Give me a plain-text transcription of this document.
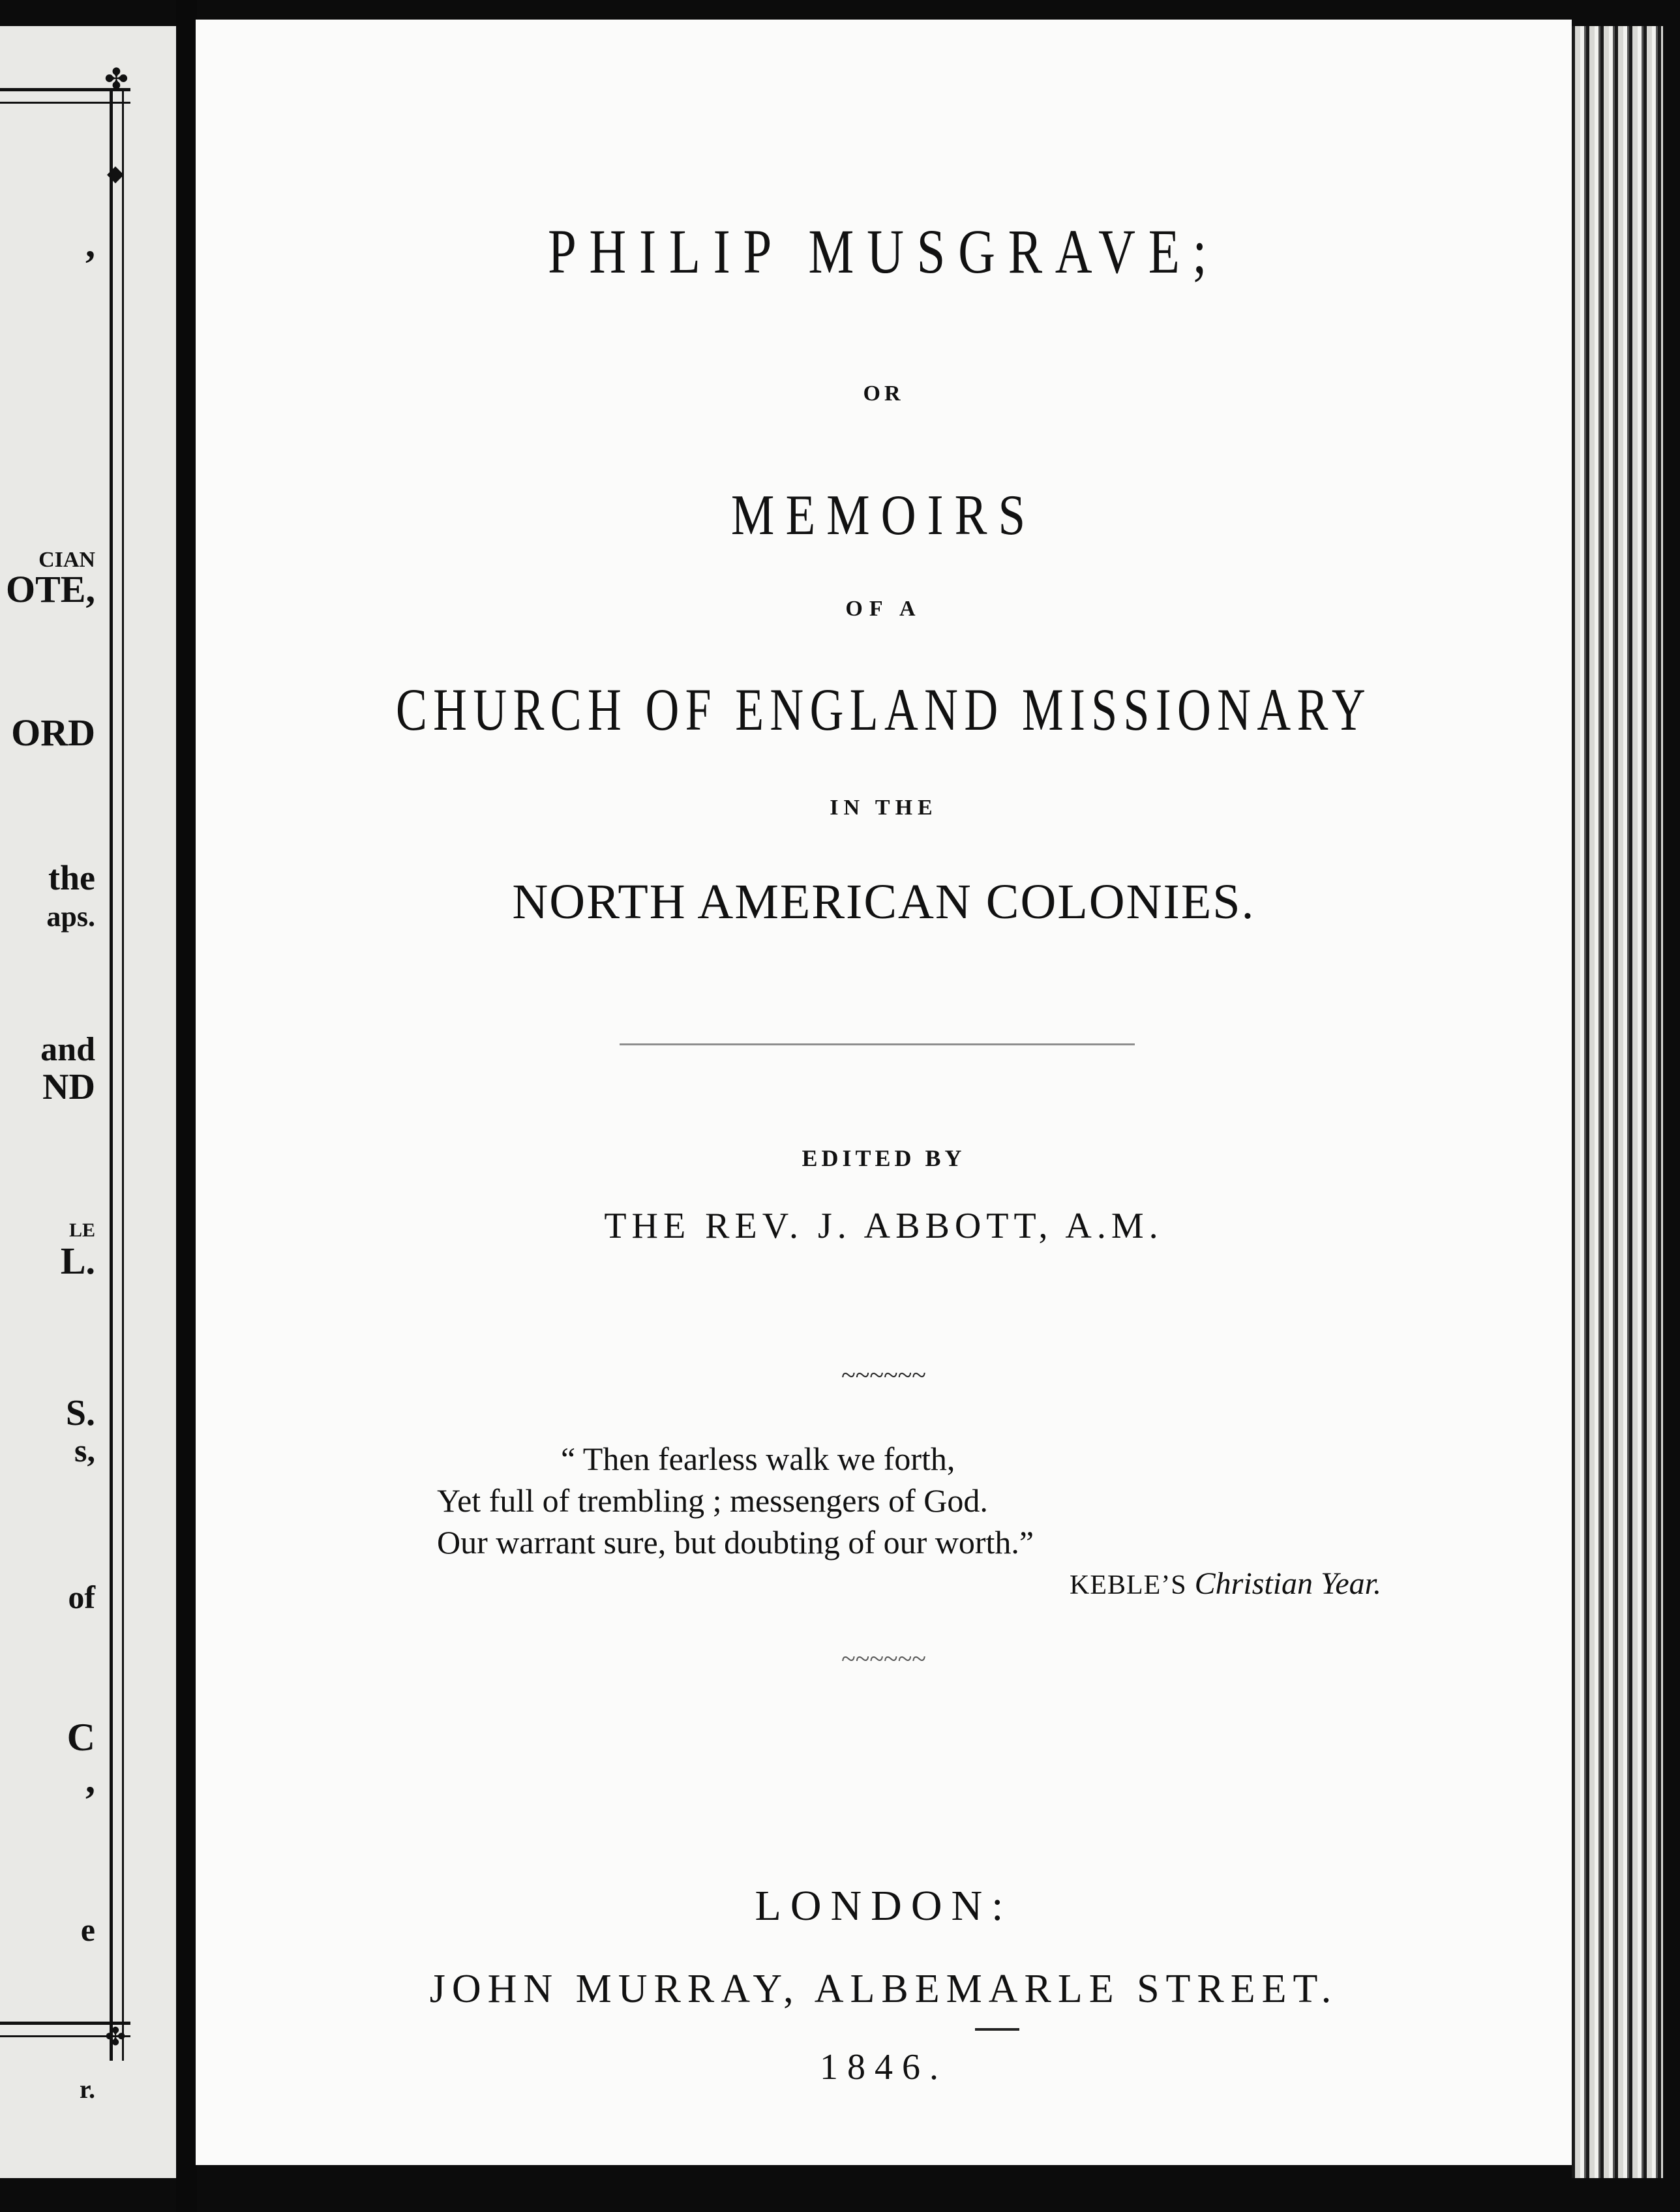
✤
◆
✤
,
CIAN
OTE,
ORD
the
aps.
and
ND
LE
L.
S.
s,
of
C
,
e
r.
PHILIP MUSGRAVE;
OR
MEMOIRS
OF A
CHURCH OF ENGLAND MISSIONARY
IN THE
NORTH AMERICAN COLONIES.
EDITED BY
THE REV. J. ABBOTT, A.M.
~~~~~~
“ Then fearless walk we forth,
Yet full of trembling ; messengers of God.
Our warrant sure, but doubting of our worth.”
KEBLE’S Christian Year.
~~~~~~
LONDON:
JOHN MURRAY, ALBEMARLE STREET.
1846.
